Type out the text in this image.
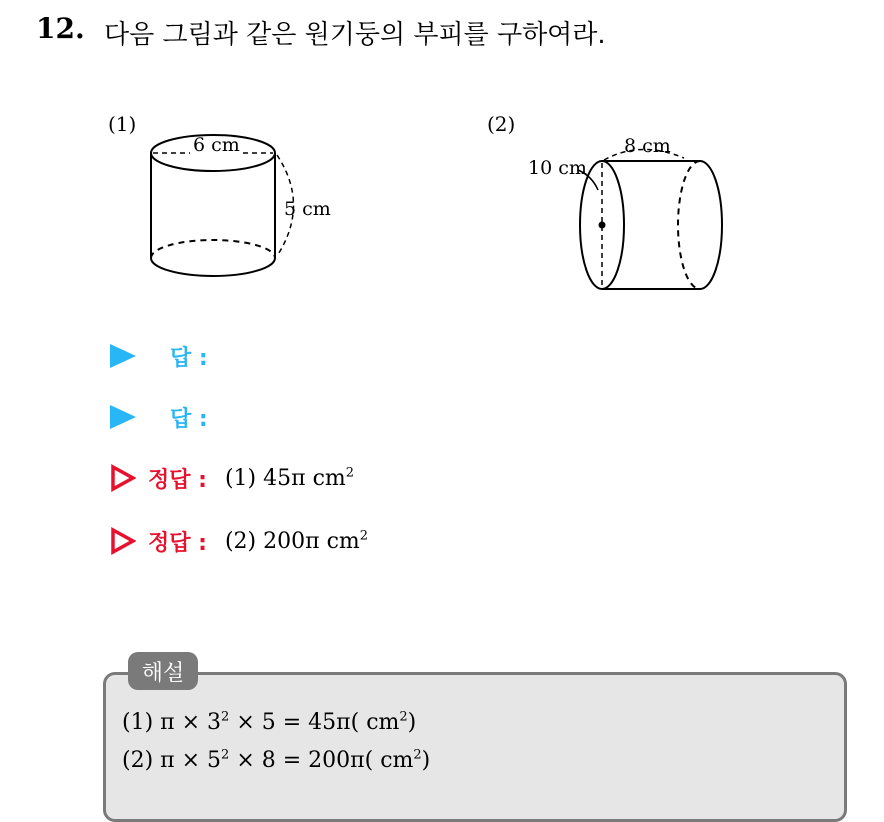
12. 다음 그림과 같은 원기둥의 부피를 구하여라.
(1)	(2)
6 cm
5 cm
10 cm
8 cm
답 :
답 :
정답 : (1) 45π $cm^2$
정답 : (2) 200π $cm^2$
해설
(1) $\pi \times 3^2 \times 5 = 45\pi$( $cm^2$)
(2) $\pi \times 5^2 \times 8 = 200\pi$( $cm^2$)
